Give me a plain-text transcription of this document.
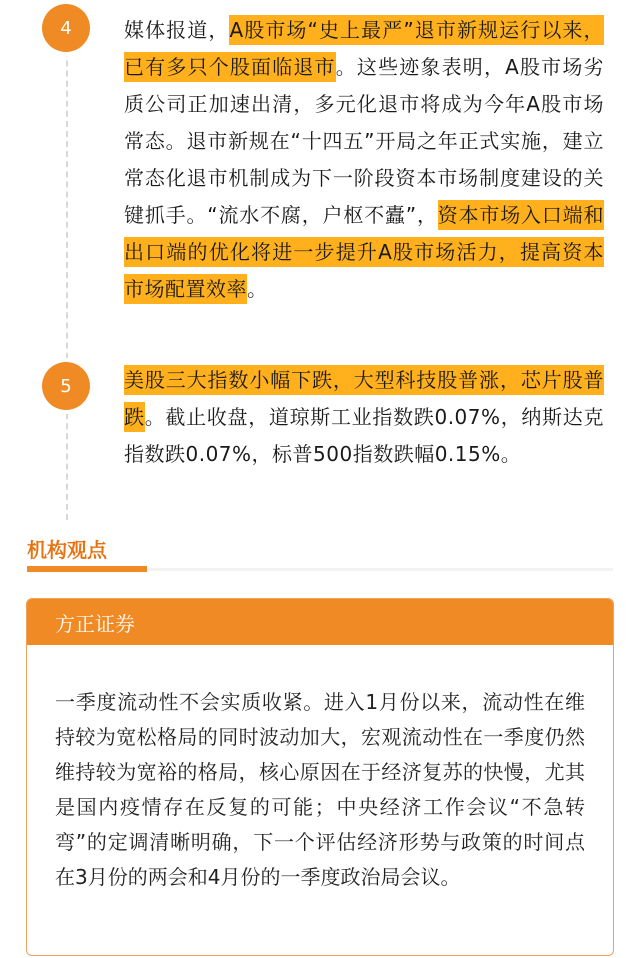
4	媒体报道，A股市场“史上最严”退市新规运行以来，已有多只个股面临退市。这些迹象表明，A股市场劣质公司正加速出清，多元化退市将成为今年A股市场常态。退市新规在“十四五”开局之年正式实施，建立常态化退市机制成为下一阶段资本市场制度建设的关键抓手。“流水不腐，户枢不蠹”，资本市场入口端和出口端的优化将进一步提升A股市场活力，提高资本市场配置效率。
5	美股三大指数小幅下跌，大型科技股普涨，芯片股普跌。截止收盘，道琼斯工业指数跌0.07%，纳斯达克指数跌0.07%，标普500指数跌幅0.15%。
机构观点
方正证券
一季度流动性不会实质收紧。进入1月份以来，流动性在维持较为宽松格局的同时波动加大，宏观流动性在一季度仍然维持较为宽裕的格局，核心原因在于经济复苏的快慢，尤其是国内疫情存在反复的可能；中央经济工作会议“不急转弯”的定调清晰明确，下一个评估经济形势与政策的时间点在3月份的两会和4月份的一季度政治局会议。
